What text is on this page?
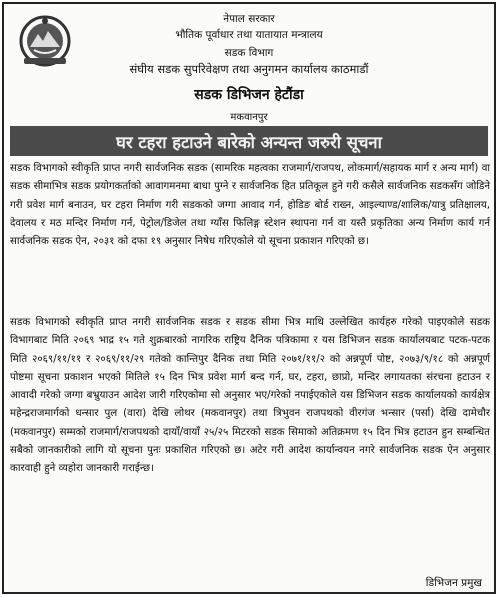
नेपाल सरकार
भौतिक पूर्वाधार तथा यातायात मन्त्रालय
सडक विभाग
संघीय सडक सुपरिवेक्षण तथा अनुगमन कार्यालय काठमाडौं
सडक डिभिजन हेटौंडा
मकवानपुर
घर टहरा हटाउने बारेको अन्यन्त जरुरी सूचना
सडक विभागको स्वीकृति प्राप्त नगरी सार्वजनिक सडक (सामरिक महत्वका राजमार्ग/राजपथ, लोकमार्ग/सहायक मार्ग र अन्य मार्ग) वा सडक सीमाभित्र सडक प्रयोगकर्ताको आवागमनमा बाधा पुग्ने र सार्वजनिक हित प्रतिकूल हुने गरी कसैले सार्वजनिक सडकसँग जोडिने गरी प्रवेश मार्ग बनाउन, घर टहरा निर्माण गरी सडकको जग्गा आवाद गर्न, होडिङ बोर्ड राख्न, आइल्याण्ड/शालिक/यात्रु प्रतिक्षालय, देवालय र मठ मन्दिर निर्माण गर्न, पेट्रोल/डिजेल तथा ग्याँस फिलिङ्ग स्टेशन स्थापना गर्न वा यस्तै प्रकृतिका अन्य निर्माण कार्य गर्न सार्वजनिक सडक ऐन, २०३१ को दफा १९ अनुसार निषेध गरिएकोले यो सूचना प्रकाशन गरिएको छ।
सडक विभागको स्वीकृति प्राप्त नगरी सार्वजनिक सडक र सडक सीमा भित्र माथि उल्लेखित कार्यहरु गरेको पाइएकोले सडक विभागबाट मिति २०६९ भाद्र १५ गते शुक्रबारको नागरिक राष्ट्रिय दैनिक पत्रिकामा र यस डिभिजन सडक कार्यालयबाट पटक-पटक मिति २०६९/११/११ र २०६९/११/२९ गतेको कान्तिपुर दैनिक तथा मिति २०७१/११/२ को अन्नपूर्ण पोष्ट, २०७३/९/१८ को अन्नपूर्ण पोष्टमा सूचना प्रकाशन भएको मितिले १५ दिन भित्र प्रवेश मार्ग बन्द गर्न, घर, टहरा, छाप्रो, मन्दिर लगायतका संरचना हटाउन र आवादी गरेको जग्गा बभ्रुयाउन आदेश जारी गरिएकोमा सो अनुसार भए/गरेको नपाईएकोले यस डिभिजन सडक कार्यालयको कार्यक्षेत्र महेन्द्रराजमार्गको धन्सार पुल (वारा) देखि लोथर (मकवानपुर) तथा त्रिभुवन राजपथको वीरगंज भन्सार (पर्सा) देखि दामेचौर (मकवानपुर) सम्मको राजमार्ग/राजपथको दायाँ/वायाँ २५/२५ मिटरको सडक सिमाको अतिक्रमण १५ दिन भित्र हटाउन हुन सम्बन्धित सबैको जानकारीको लागि यो सूचना पुनः प्रकाशित गरिएको छ। अटेर गरी आदेश कार्यान्वयन नगरे सार्वजनिक सडक ऐन अनुसार कारवाही हुने व्यहोरा जानकारी गराईन्छ।
डिभिजन प्रमुख
